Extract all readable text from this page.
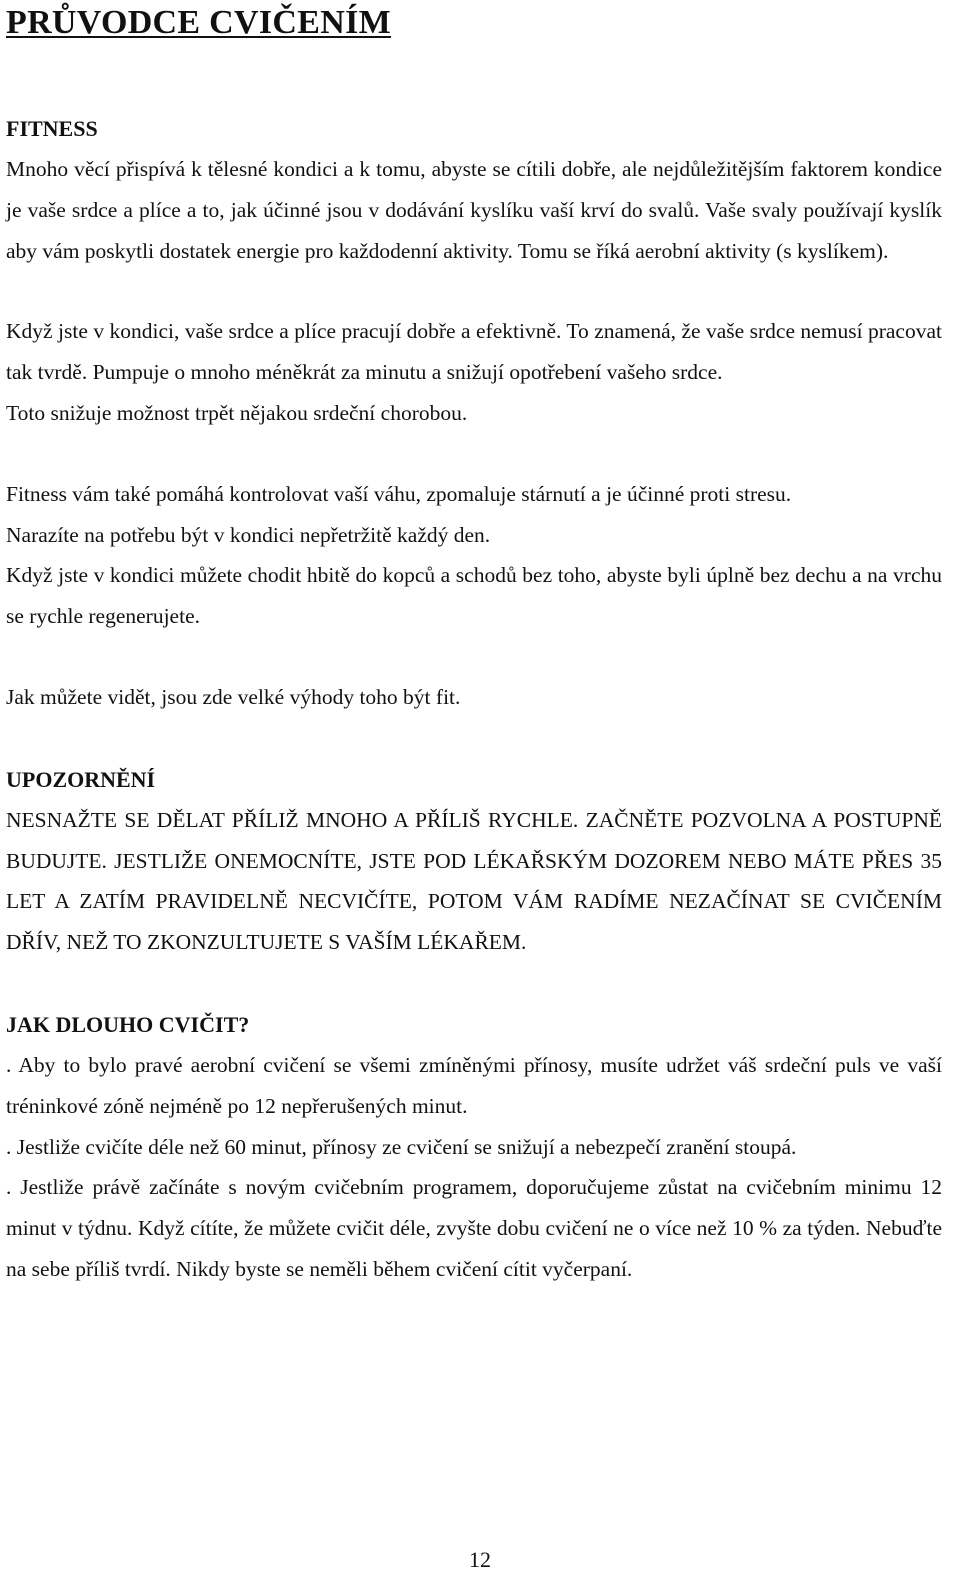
PRŮVODCE CVIČENÍM
FITNESS

Mnoho věcí přispívá k tělesné kondici a k tomu, abyste se cítili dobře, ale nejdůležitějším faktorem kondice je vaše srdce a plíce a to, jak účinné jsou v dodávání kyslíku vaší krví do svalů. Vaše svaly používají kyslík aby vám poskytli dostatek energie pro každodenní aktivity. Tomu se říká aerobní aktivity (s kyslíkem).

Když jste v kondici, vaše srdce a plíce pracují dobře a efektivně. To znamená, že vaše srdce nemusí pracovat tak tvrdě. Pumpuje o mnoho méněkrát za minutu a snižují opotřebení vašeho srdce.

Toto snižuje možnost trpět nějakou srdeční chorobou.

Fitness vám také pomáhá kontrolovat vaší váhu, zpomaluje stárnutí a je účinné proti stresu.

Narazíte na potřebu být v kondici nepřetržitě každý den.

Když jste v kondici můžete chodit hbitě do kopců a schodů bez toho, abyste byli úplně bez dechu a na vrchu se rychle regenerujete.

Jak můžete vidět, jsou zde velké výhody toho být fit.

UPOZORNĚNÍ

NESNAŽTE SE DĚLAT PŘÍLIŽ MNOHO A PŘÍLIŠ RYCHLE. ZAČNĚTE POZVOLNA A POSTUPNĚ BUDUJTE. JESTLIŽE ONEMOCNÍTE, JSTE POD LÉKAŘSKÝM DOZOREM NEBO MÁTE PŘES 35 LET A ZATÍM PRAVIDELNĚ NECVIČÍTE, POTOM VÁM RADÍME NEZAČÍNAT SE CVIČENÍM DŘÍV, NEŽ TO ZKONZULTUJETE S VAŠÍM LÉKAŘEM.

JAK DLOUHO CVIČIT?

. Aby to bylo pravé aerobní cvičení se všemi zmíněnými přínosy, musíte udržet váš srdeční puls ve vaší tréninkové zóně nejméně po 12 nepřerušených minut.

. Jestliže cvičíte déle než 60 minut, přínosy ze cvičení se snižují a nebezpečí zranění stoupá.

. Jestliže právě začínáte s novým cvičebním programem, doporučujeme zůstat na cvičebním minimu 12 minut v týdnu. Když cítíte, že můžete cvičit déle, zvyšte dobu cvičení ne o více než 10 % za týden. Nebuďte na sebe příliš tvrdí. Nikdy byste se neměli během cvičení cítit vyčerpaní.

12
